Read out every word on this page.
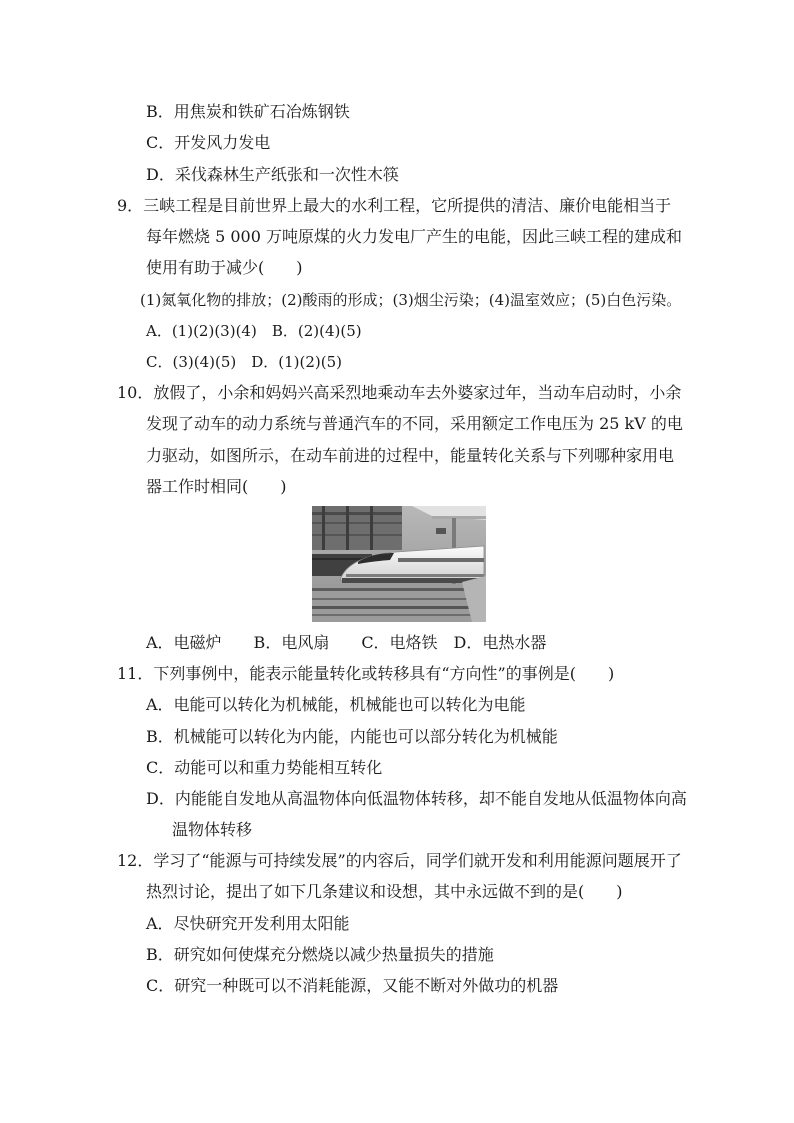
B．用焦炭和铁矿石冶炼钢铁
C．开发风力发电
D．采伐森林生产纸张和一次性木筷
9．三峡工程是目前世界上最大的水利工程，它所提供的清洁、廉价电能相当于
每年燃烧 5 000 万吨原煤的火力发电厂产生的电能，因此三峡工程的建成和
使用有助于减少(　　)
(1)氮氧化物的排放；(2)酸雨的形成；(3)烟尘污染；(4)温室效应；(5)白色污染。
A．(1)(2)(3)(4)　B．(2)(4)(5)
C．(3)(4)(5)　D．(1)(2)(5)
10．放假了，小余和妈妈兴高采烈地乘动车去外婆家过年，当动车启动时，小余
发现了动车的动力系统与普通汽车的不同，采用额定工作电压为 25 kV 的电
力驱动，如图所示，在动车前进的过程中，能量转化关系与下列哪种家用电
器工作时相同(　　)
A．电磁炉　　B．电风扇　　C．电烙铁　D．电热水器
11．下列事例中，能表示能量转化或转移具有“方向性”的事例是(　　)
A．电能可以转化为机械能，机械能也可以转化为电能
B．机械能可以转化为内能，内能也可以部分转化为机械能
C．动能可以和重力势能相互转化
D．内能能自发地从高温物体向低温物体转移，却不能自发地从低温物体向高
温物体转移
12．学习了“能源与可持续发展”的内容后，同学们就开发和利用能源问题展开了
热烈讨论，提出了如下几条建议和设想，其中永远做不到的是(　　)
A．尽快研究开发利用太阳能
B．研究如何使煤充分燃烧以减少热量损失的措施
C．研究一种既可以不消耗能源，又能不断对外做功的机器
